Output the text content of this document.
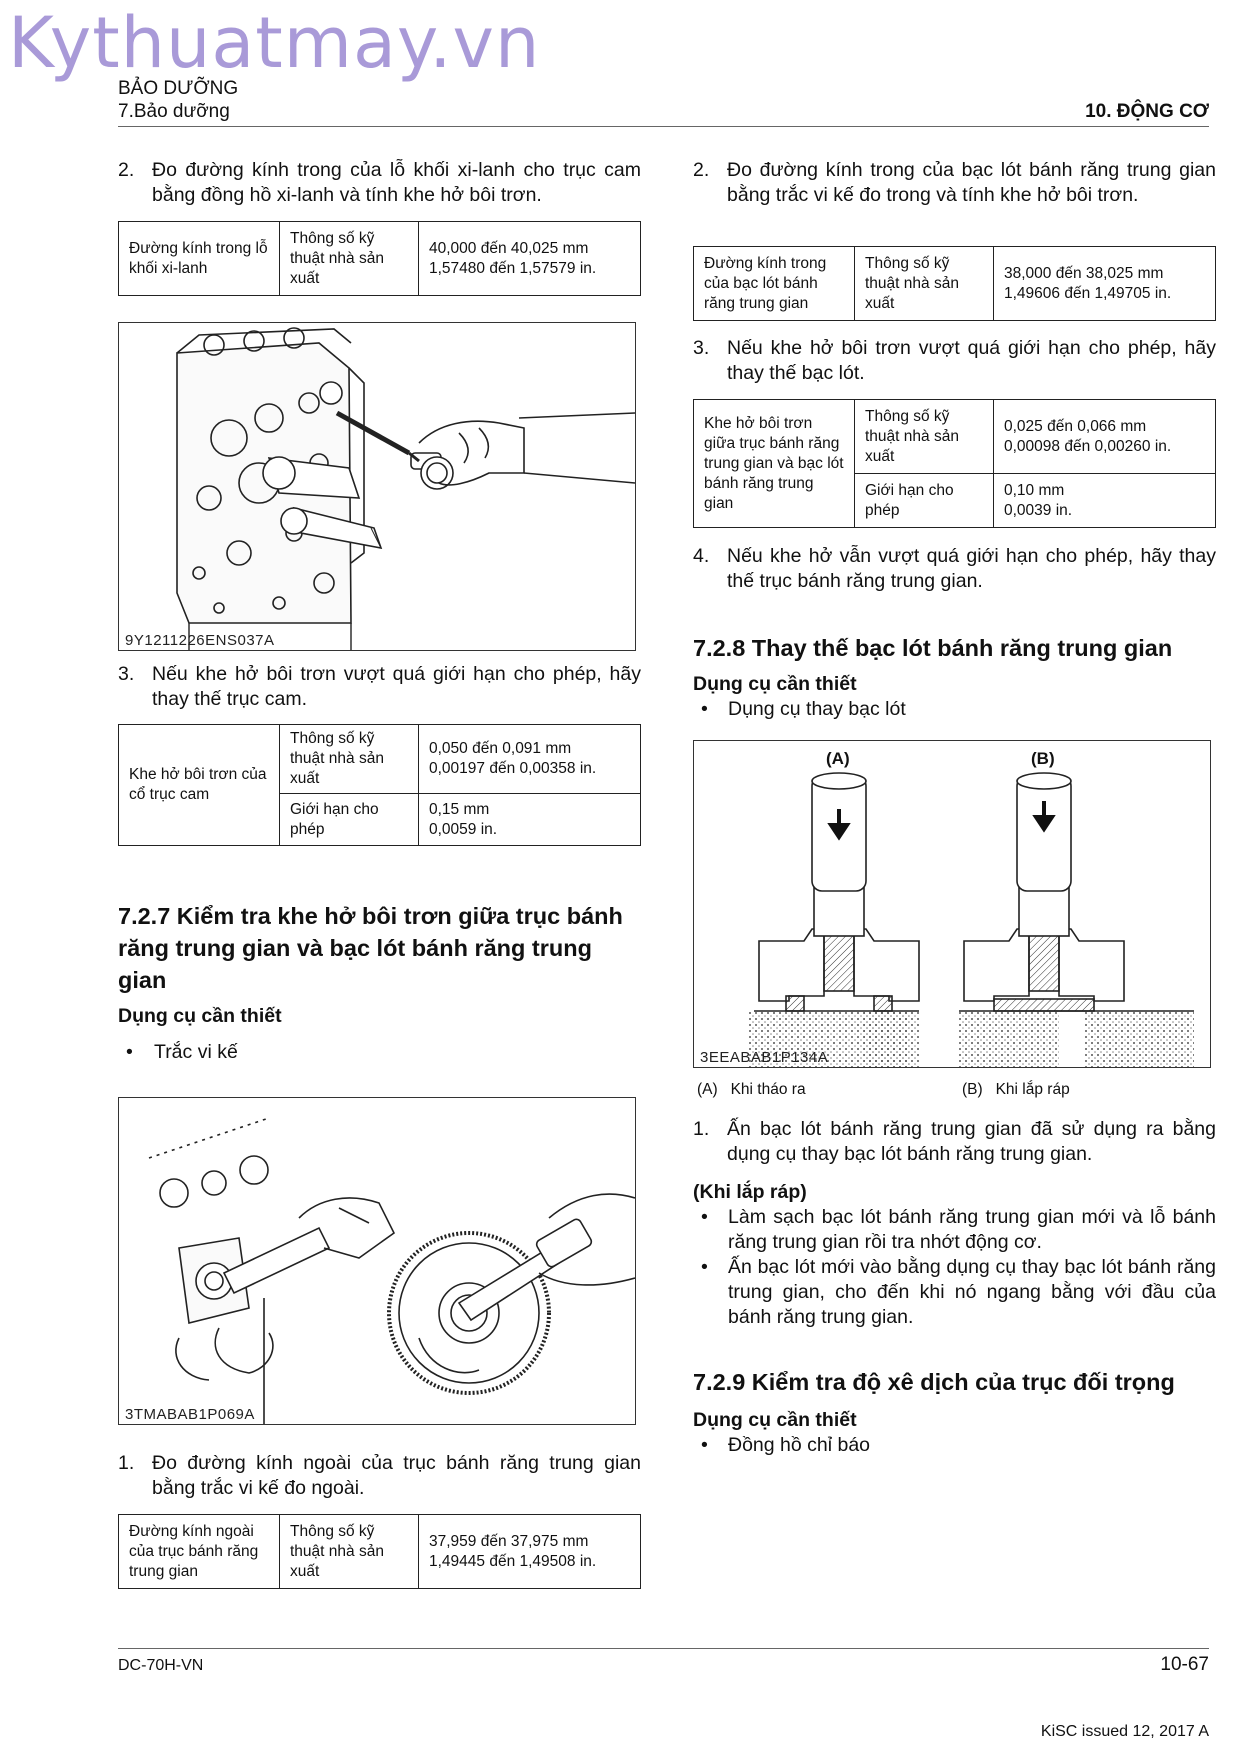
Kythuatmay.vn
BẢO DƯỠNG
7.Bảo dưỡng	10. ĐỘNG CƠ

2. Đo đường kính trong của lỗ khối xi-lanh cho trục cam bằng đồng hồ xi-lanh và tính khe hở bôi trơn.

Đường kính trong lỗ khối xi-lanh	Thông số kỹ thuật nhà sản xuất	
40,000 đến 40,025 mm
1,57480 đến 1,57579 in.
9Y1211226ENS037A

3. Nếu khe hở bôi trơn vượt quá giới hạn cho phép, hãy thay thế trục cam.

Khe hở bôi trơn của cổ trục cam	Thông số kỹ thuật nhà sản xuất	0,050 đến 0,091 mm
0,00197 đến 0,00358 in.

	Giới hạn cho phép	0,15 mm
0,0059 in.

7.2.7 Kiểm tra khe hở bôi trơn giữa trục bánh răng trung gian và bạc lót bánh răng trung gian

Dụng cụ cần thiết

• Trắc vi kế

3TMABAB1P069A

1. Đo đường kính ngoài của trục bánh răng trung gian bằng trắc vi kế đo ngoài.

Đường kính ngoài của trục bánh răng trung gian	Thông số kỹ thuật nhà sản xuất	
37,959 đến 37,975 mm
1,49445 đến 1,49508 in.

2. Đo đường kính trong của bạc lót bánh răng trung gian bằng trắc vi kế đo trong và tính khe hở bôi trơn.

Đường kính trong của bạc lót bánh răng trung gian	Thông số kỹ thuật nhà sản xuất	
38,000 đến 38,025 mm
1,49606 đến 1,49705 in.

3. Nếu khe hở bôi trơn vượt quá giới hạn cho phép, hãy thay thế bạc lót.

Khe hở bôi trơn giữa trục bánh răng trung gian và bạc lót bánh răng trung gian	Thông số kỹ thuật nhà sản xuất	0,025 đến 0,066 mm
0,00098 đến 0,00260 in.

	Giới hạn cho phép	0,10 mm
0,0039 in.

4. Nếu khe hở vẫn vượt quá giới hạn cho phép, hãy thay thế trục bánh răng trung gian.

7.2.8 Thay thế bạc lót bánh răng trung gian

Dụng cụ cần thiết

• Dụng cụ thay bạc lót

(A)	(B)
3EEABAB1P134A
(A) Khi tháo ra	(B) Khi lắp ráp

1. Ấn bạc lót bánh răng trung gian đã sử dụng ra bằng dụng cụ thay bạc lót bánh răng trung gian.

(Khi lắp ráp)

• Làm sạch bạc lót bánh răng trung gian mới và lỗ bánh răng trung gian rồi tra nhớt động cơ.

• Ấn bạc lót mới vào bằng dụng cụ thay bạc lót bánh răng trung gian, cho đến khi nó ngang bằng với đầu của bánh răng trung gian.

7.2.9 Kiểm tra độ xê dịch của trục đối trọng

Dụng cụ cần thiết

• Đồng hồ chỉ báo

DC-70H-VN	10-67
KiSC issued 12, 2017 A
